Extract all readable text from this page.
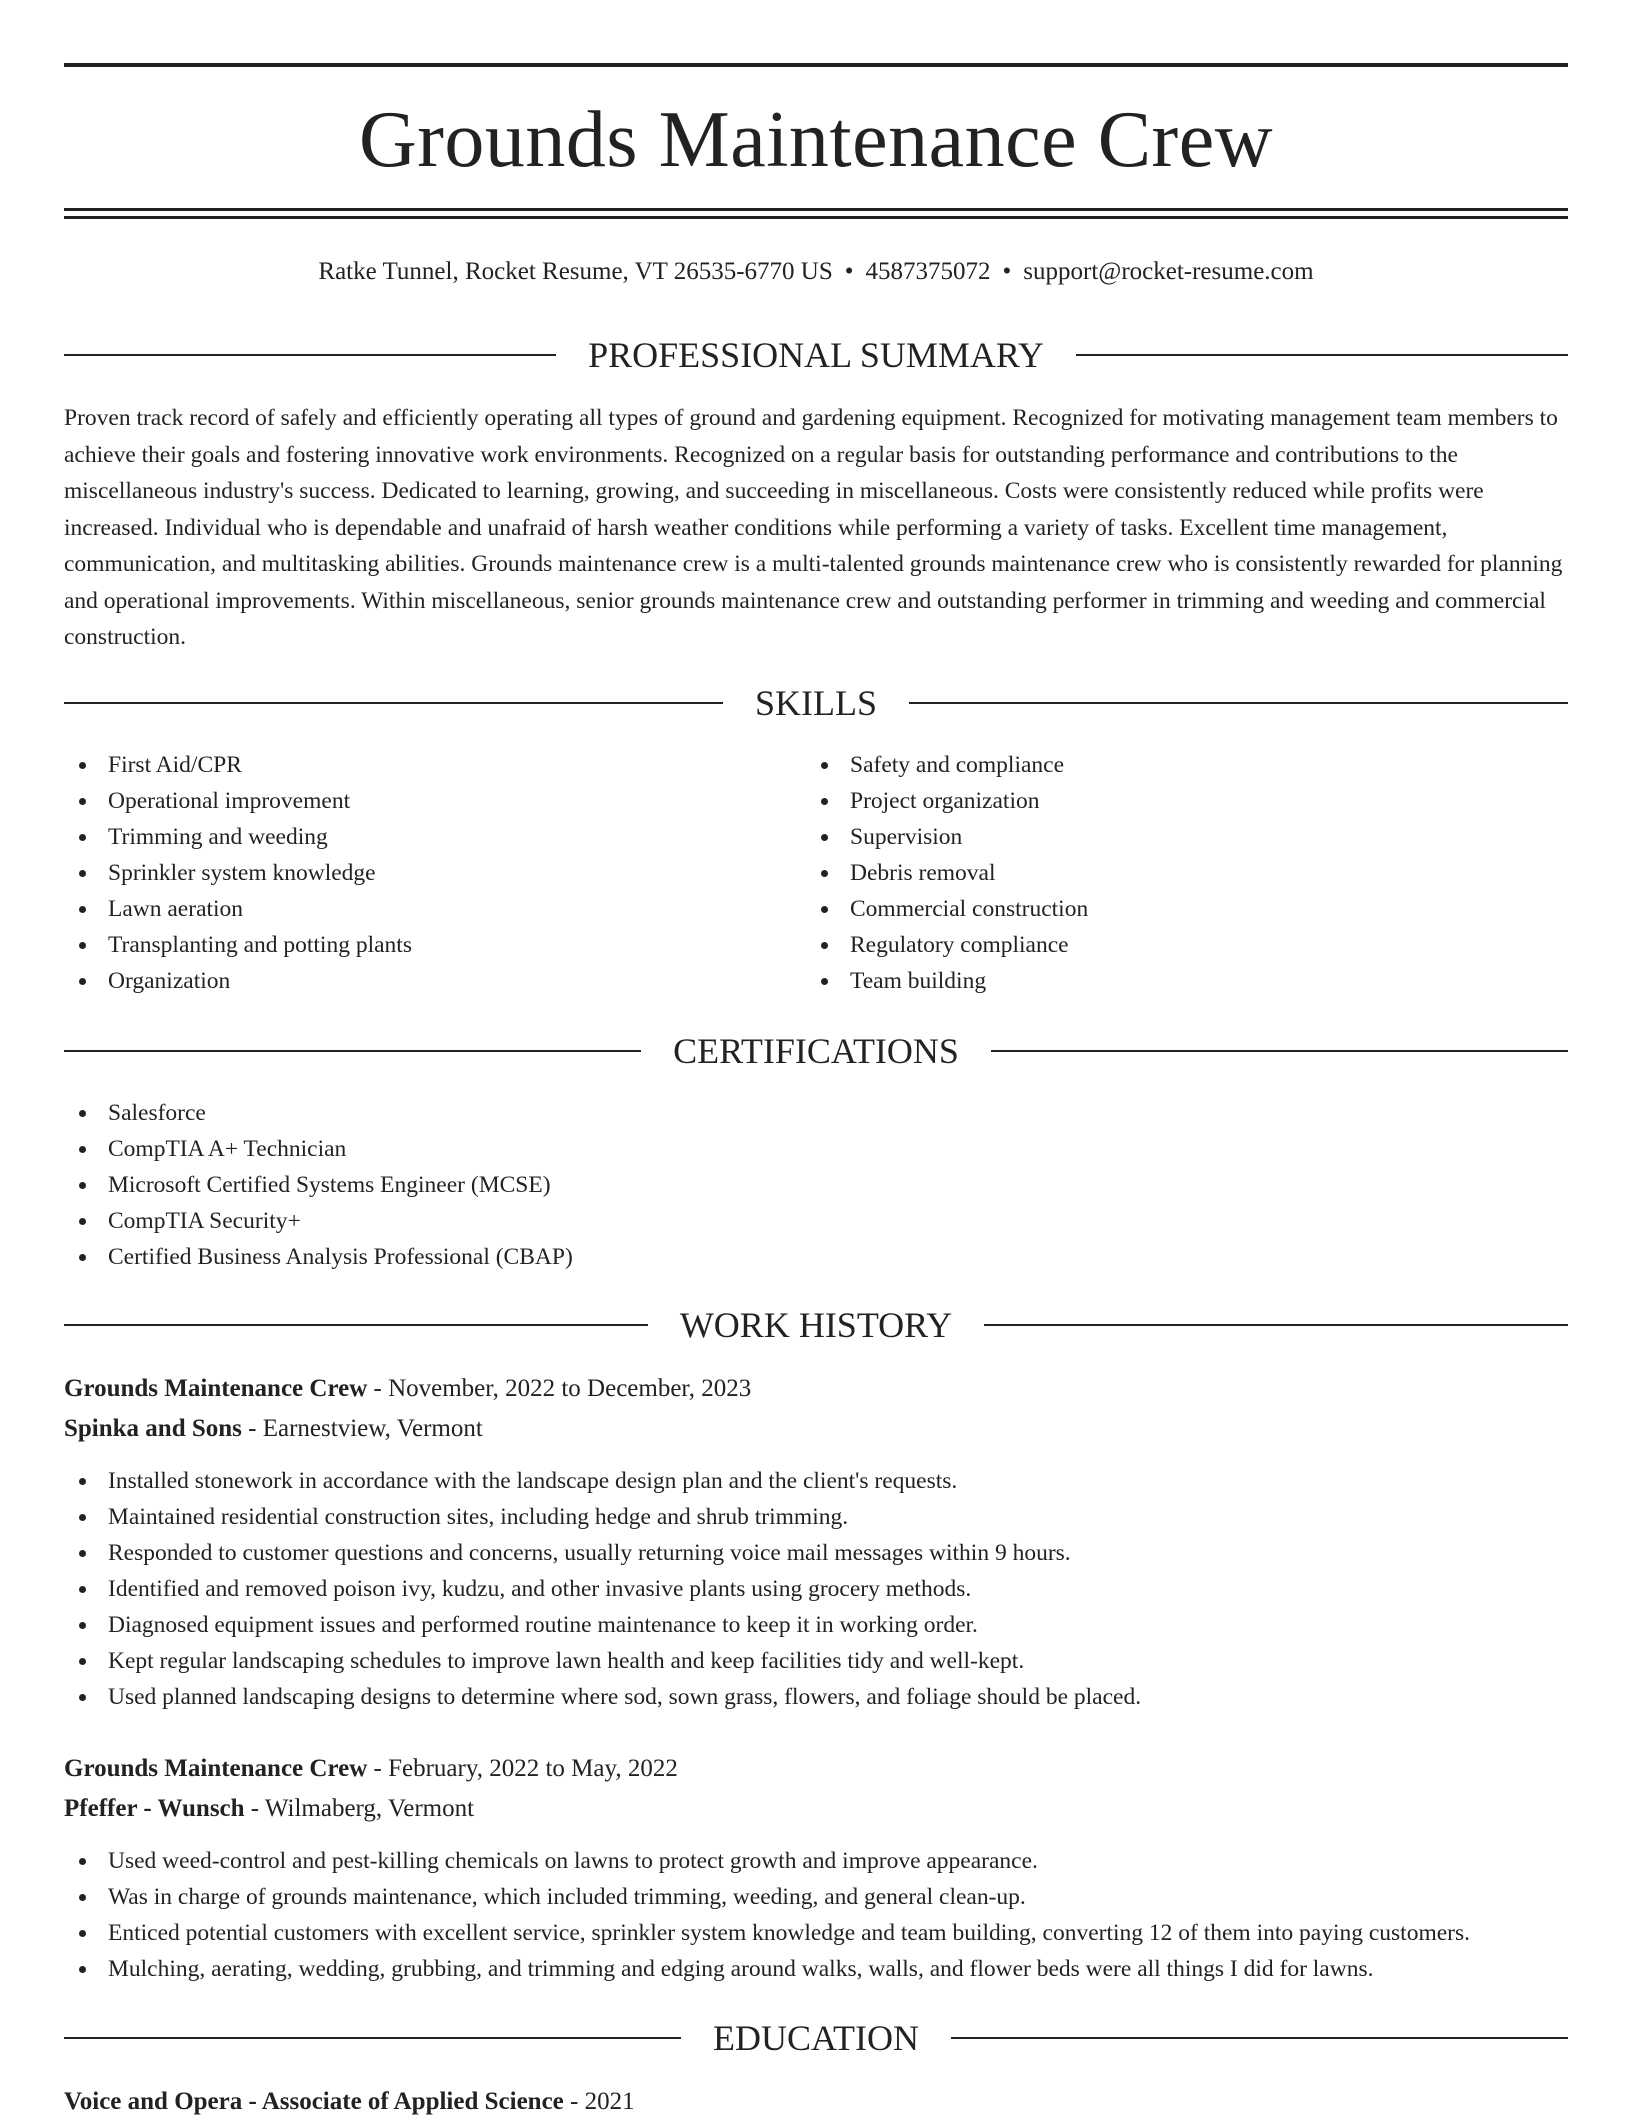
Grounds Maintenance Crew
Ratke Tunnel, Rocket Resume, VT 26535-6770 US • 4587375072 • support@rocket-resume.com
PROFESSIONAL SUMMARY

Proven track record of safely and efficiently operating all types of ground and gardening equipment. Recognized for motivating management team members to achieve their goals and fostering innovative work environments. Recognized on a regular basis for outstanding performance and contributions to the miscellaneous industry's success. Dedicated to learning, growing, and succeeding in miscellaneous. Costs were consistently reduced while profits were increased. Individual who is dependable and unafraid of harsh weather conditions while performing a variety of tasks. Excellent time management, communication, and multitasking abilities. Grounds maintenance crew is a multi-talented grounds maintenance crew who is consistently rewarded for planning and operational improvements. Within miscellaneous, senior grounds maintenance crew and outstanding performer in trimming and weeding and commercial construction.

SKILLS
First Aid/CPR
Operational improvement
Trimming and weeding
Sprinkler system knowledge
Lawn aeration
Transplanting and potting plants
Organization
Safety and compliance
Project organization
Supervision
Debris removal
Commercial construction
Regulatory compliance
Team building
CERTIFICATIONS
Salesforce
CompTIA A+ Technician
Microsoft Certified Systems Engineer (MCSE)
CompTIA Security+
Certified Business Analysis Professional (CBAP)
WORK HISTORY
Grounds Maintenance Crew - November, 2022 to December, 2023
Spinka and Sons - Earnestview, Vermont
Installed stonework in accordance with the landscape design plan and the client's requests.
Maintained residential construction sites, including hedge and shrub trimming.
Responded to customer questions and concerns, usually returning voice mail messages within 9 hours.
Identified and removed poison ivy, kudzu, and other invasive plants using grocery methods.
Diagnosed equipment issues and performed routine maintenance to keep it in working order.
Kept regular landscaping schedules to improve lawn health and keep facilities tidy and well-kept.
Used planned landscaping designs to determine where sod, sown grass, flowers, and foliage should be placed.
Grounds Maintenance Crew - February, 2022 to May, 2022
Pfeffer - Wunsch - Wilmaberg, Vermont
Used weed-control and pest-killing chemicals on lawns to protect growth and improve appearance.
Was in charge of grounds maintenance, which included trimming, weeding, and general clean-up.
Enticed potential customers with excellent service, sprinkler system knowledge and team building, converting 12 of them into paying customers.
Mulching, aerating, wedding, grubbing, and trimming and edging around walks, walls, and flower beds were all things I did for lawns.
EDUCATION
Voice and Opera - Associate of Applied Science - 2021
